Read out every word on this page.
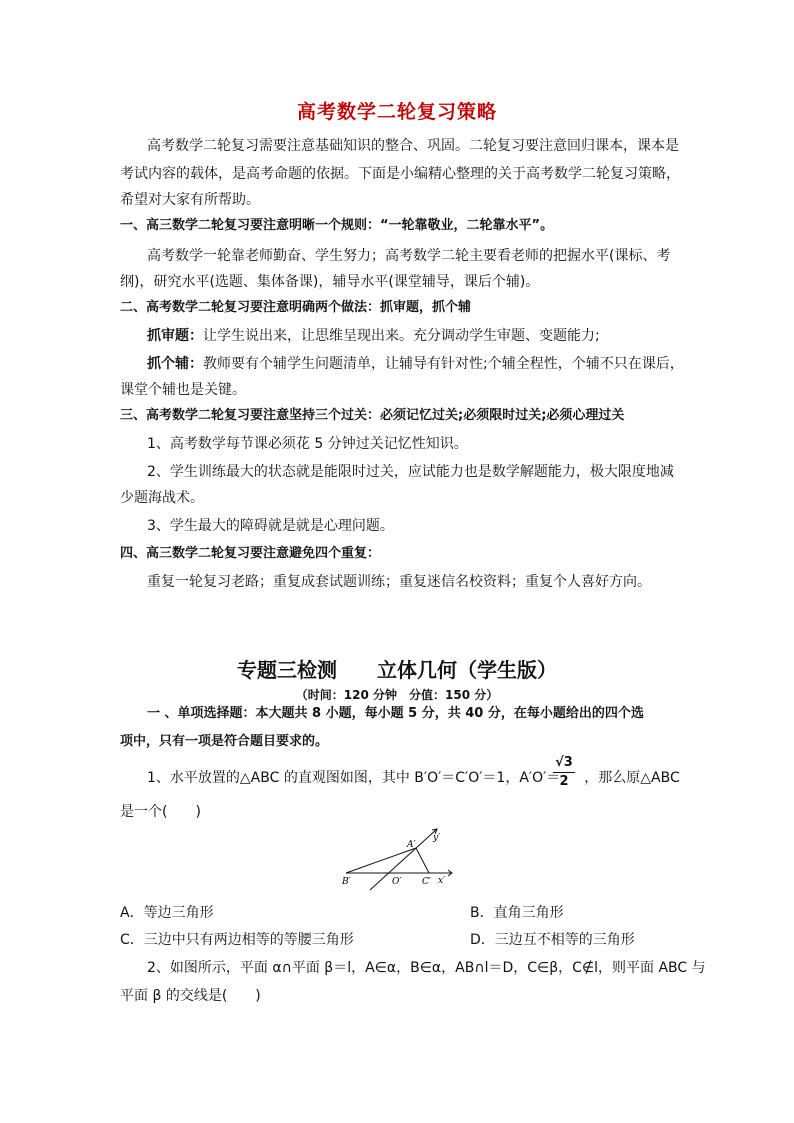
高考数学二轮复习策略
高考数学二轮复习需要注意基础知识的整合、巩固。二轮复习要注意回归课本，课本是
考试内容的载体，是高考命题的依据。下面是小编精心整理的关于高考数学二轮复习策略，
希望对大家有所帮助。
一、高三数学二轮复习要注意明晰一个规则：“一轮靠敬业，二轮靠水平”。
高考数学一轮靠老师勤奋、学生努力；高考数学二轮主要看老师的把握水平(课标、考
纲)，研究水平(选题、集体备课)，辅导水平(课堂辅导，课后个辅)。
二、高考数学二轮复习要注意明确两个做法：抓审题，抓个辅
抓审题：让学生说出来，让思维呈现出来。充分调动学生审题、变题能力;
抓个辅：教师要有个辅学生问题清单，让辅导有针对性;个辅全程性，个辅不只在课后，
课堂个辅也是关键。
三、高考数学二轮复习要注意坚持三个过关：必须记忆过关;必须限时过关;必须心理过关
1、高考数学每节课必须花 5 分钟过关记忆性知识。
2、学生训练最大的状态就是能限时过关，应试能力也是数学解题能力，极大限度地减
少题海战术。
3、学生最大的障碍就是就是心理问题。
四、高三数学二轮复习要注意避免四个重复：
重复一轮复习老路；重复成套试题训练；重复迷信名校资料；重复个人喜好方向。
专题三检测　　立体几何（学生版）
（时间：120 分钟　分值：150 分）
一 、单项选择题：本大题共 8 小题，每小题 5 分，共 40 分，在每小题给出的四个选
项中，只有一项是符合题目要求的。
1、水平放置的△ABC 的直观图如图，其中 B′O′＝C′O′＝1，A′O′＝ ，那么原△ABC
$\frac{√3}{2}$
是一个(　　)
A′
B′	O′ C′ x′
y′
A．等边三角形	B．直角三角形
C．三边中只有两边相等的等腰三角形	D．三边互不相等的三角形
2、如图所示，平面 α∩平面 β＝l，A∈α，B∈α，AB∩l＝D，C∈β，C∉l，则平面 ABC 与
平面 β 的交线是(　　)
